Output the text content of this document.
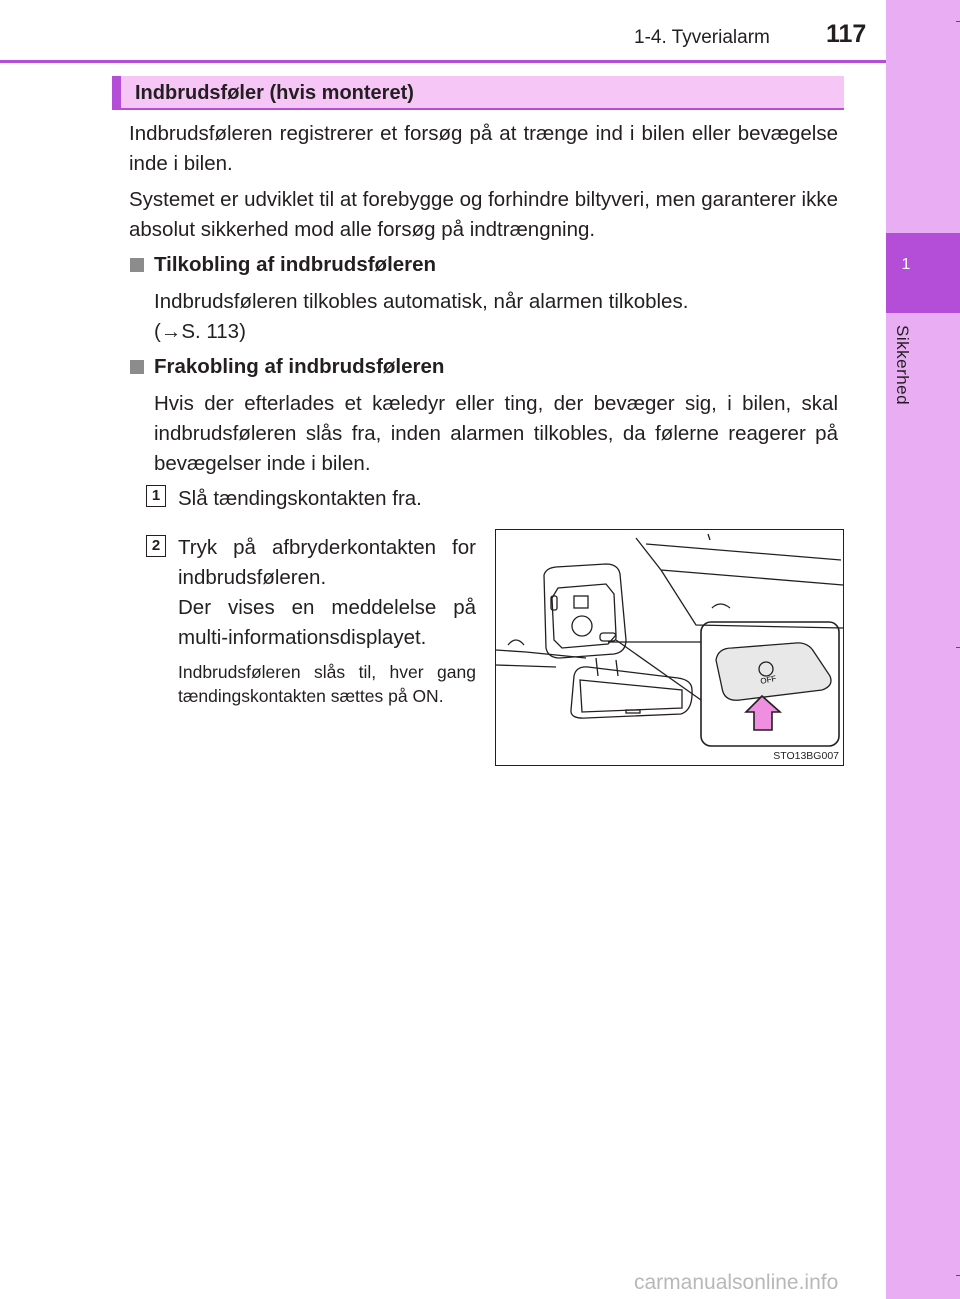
1
Sikkerhed
1-4. Tyverialarm 117
Indbrudsføler (hvis monteret)
Indbrudsføleren registrerer et forsøg på at trænge ind i bilen eller bevægelse inde i bilen.
Systemet er udviklet til at forebygge og forhindre biltyveri, men garanterer ikke absolut sikkerhed mod alle forsøg på indtrængning.
Tilkobling af indbrudsføleren
Indbrudsføleren tilkobles automatisk, når alarmen tilkobles.
(→S. 113)
Frakobling af indbrudsføleren
Hvis der efterlades et kæledyr eller ting, der bevæger sig, i bilen, skal indbrudsføleren slås fra, inden alarmen tilkobles, da følerne reagerer på bevægelser inde i bilen.
1 Slå tændingskontakten fra.
2 Tryk på afbryderkontakten for indbrudsføleren.
Der vises en meddelelse på multi-informationsdisplayet.
Indbrudsføleren slås til, hver gang tændingskontakten sættes på ON.
OFF
STO13BG007
carmanualsonline.info
